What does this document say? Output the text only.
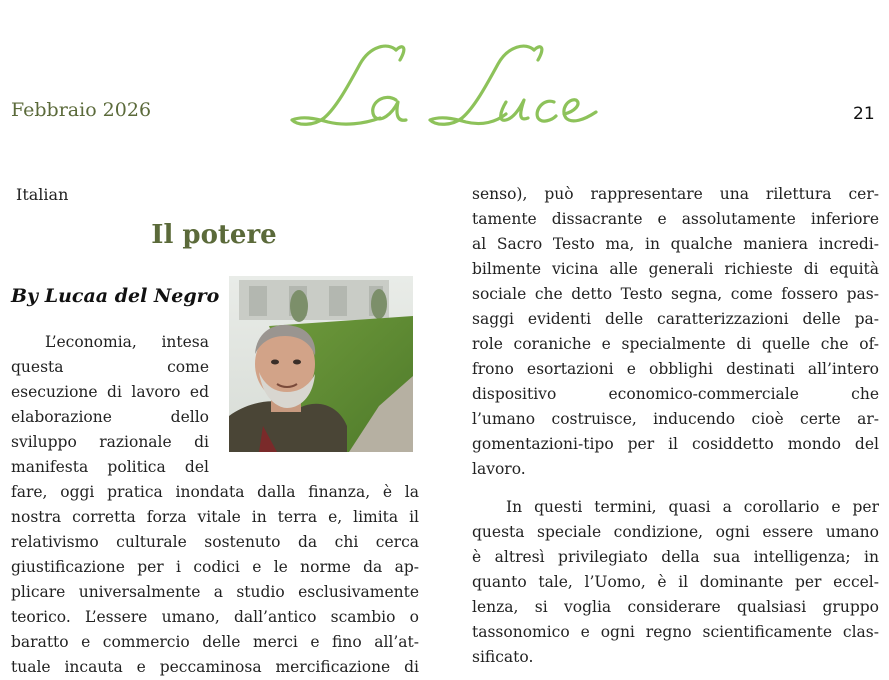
Febbraio 2026	21
Italian
Il potere
By Lucaa del Negro
L’economia, intesa
questa come
esecuzione di lavoro ed
elaborazione dello
sviluppo razionale di
manifesta politica del
fare, oggi pratica inondata dalla finanza, è la
nostra corretta forza vitale in terra e, limita il
relativismo culturale sostenuto da chi cerca
giustificazione per i codici e le norme da ap-
plicare universalmente a studio esclusivamente
teorico. L’essere umano, dall’antico scambio o
baratto e commercio delle merci e fino all’at-
tuale incauta e peccaminosa mercificazione di
senso), può rappresentare una rilettura cer-
tamente dissacrante e assolutamente inferiore
al Sacro Testo ma, in qualche maniera incredi-
bilmente vicina alle generali richieste di equità
sociale che detto Testo segna, come fossero pas-
saggi evidenti delle caratterizzazioni delle pa-
role coraniche e specialmente di quelle che of-
frono esortazioni e obblighi destinati all’intero
dispositivo economico-commerciale che
l’umano costruisce, inducendo cioè certe ar-
gomentazioni-tipo per il cosiddetto mondo del
lavoro.
In questi termini, quasi a corollario e per
questa speciale condizione, ogni essere umano
è altresì privilegiato della sua intelligenza; in
quanto tale, l’Uomo, è il dominante per eccel-
lenza, si voglia considerare qualsiasi gruppo
tassonomico e ogni regno scientificamente clas-
sificato.
